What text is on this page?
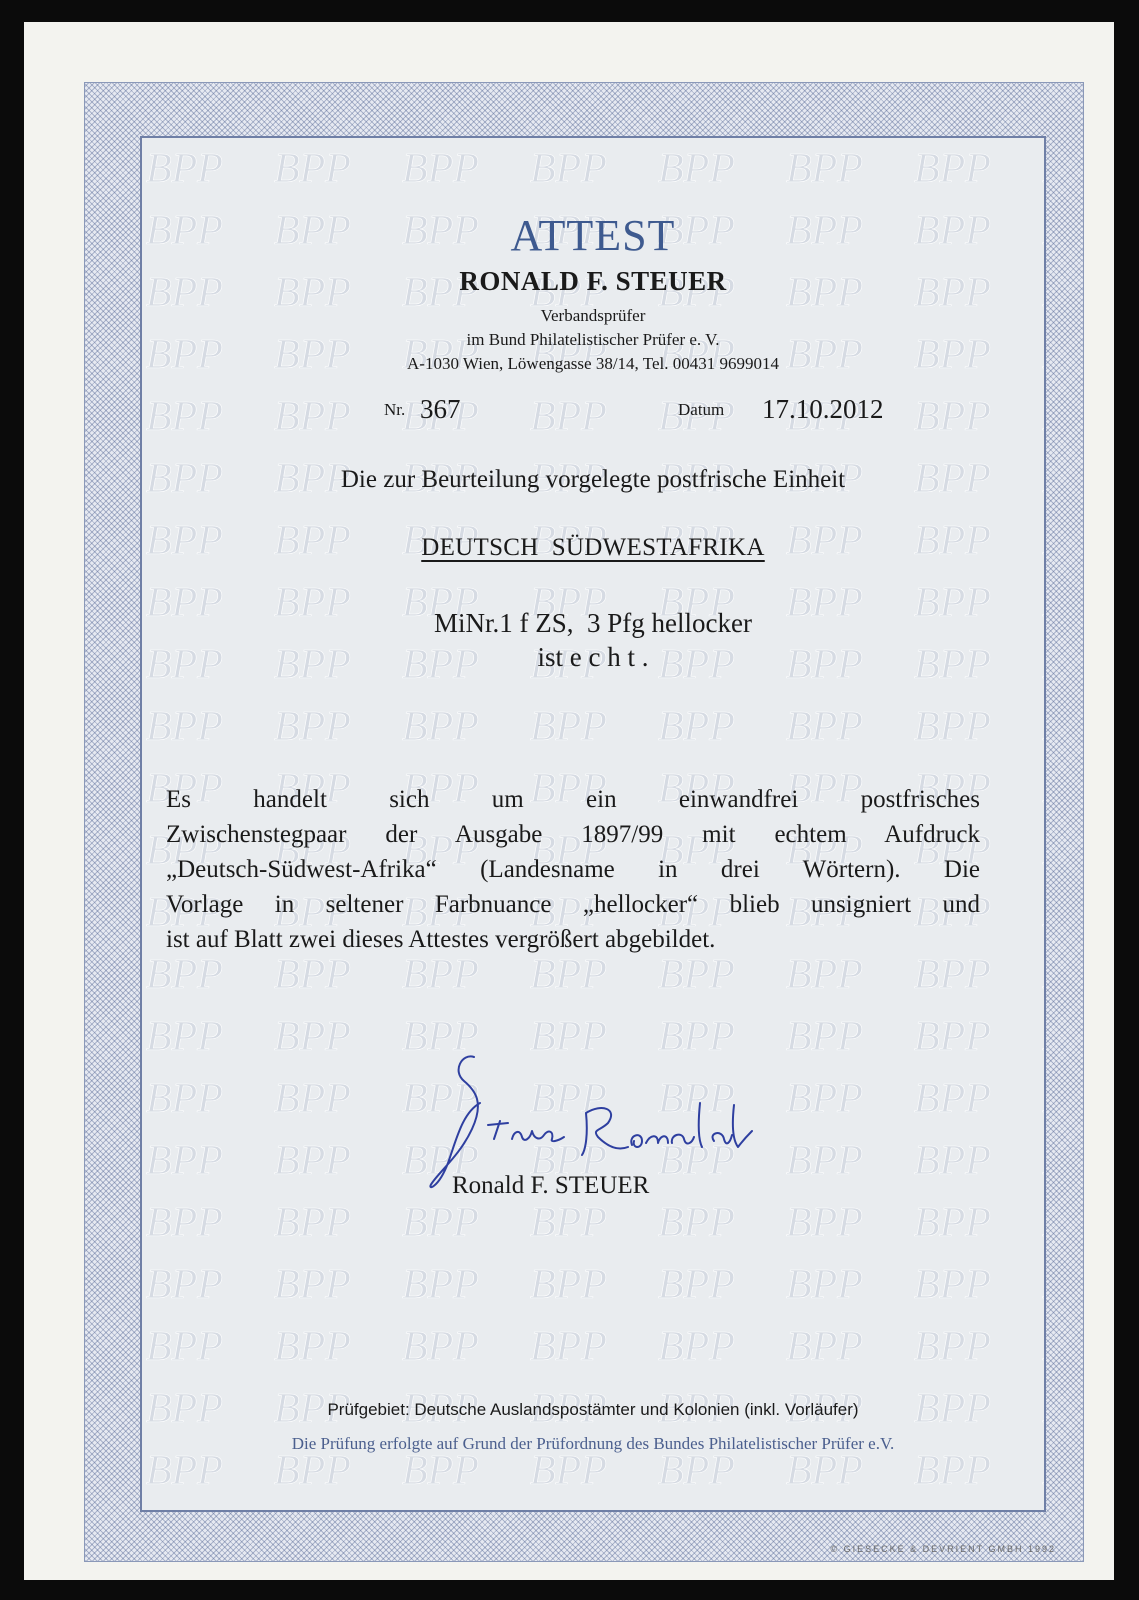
ATTEST
RONALD F. STEUER
Verbandsprüfer
im Bund Philatelistischer Prüfer e. V.
A-1030 Wien, Löwengasse 38/14, Tel. 00431 9699014
Nr. 367	Datum 17.10.2012
Die zur Beurteilung vorgelegte postfrische Einheit
DEUTSCH  SÜDWESTAFRIKA
MiNr.1 f ZS,  3 Pfg hellocker
ist e c h t .
Es handelt sich um ein einwandfrei postfrisches
Zwischenstegpaar der Ausgabe 1897/99 mit echtem Aufdruck
„Deutsch-Südwest-Afrika“ (Landesname in drei Wörtern). Die
Vorlage in seltener Farbnuance „hellocker“ blieb unsigniert und
ist auf Blatt zwei dieses Attestes vergrößert abgebildet.
Steuer Ronald
Ronald F. STEUER
Prüfgebiet: Deutsche Auslandspostämter und Kolonien (inkl. Vorläufer)
Die Prüfung erfolgte auf Grund der Prüfordnung des Bundes Philatelistischer Prüfer e.V.
© GIESECKE & DEVRIENT GMBH 1992
